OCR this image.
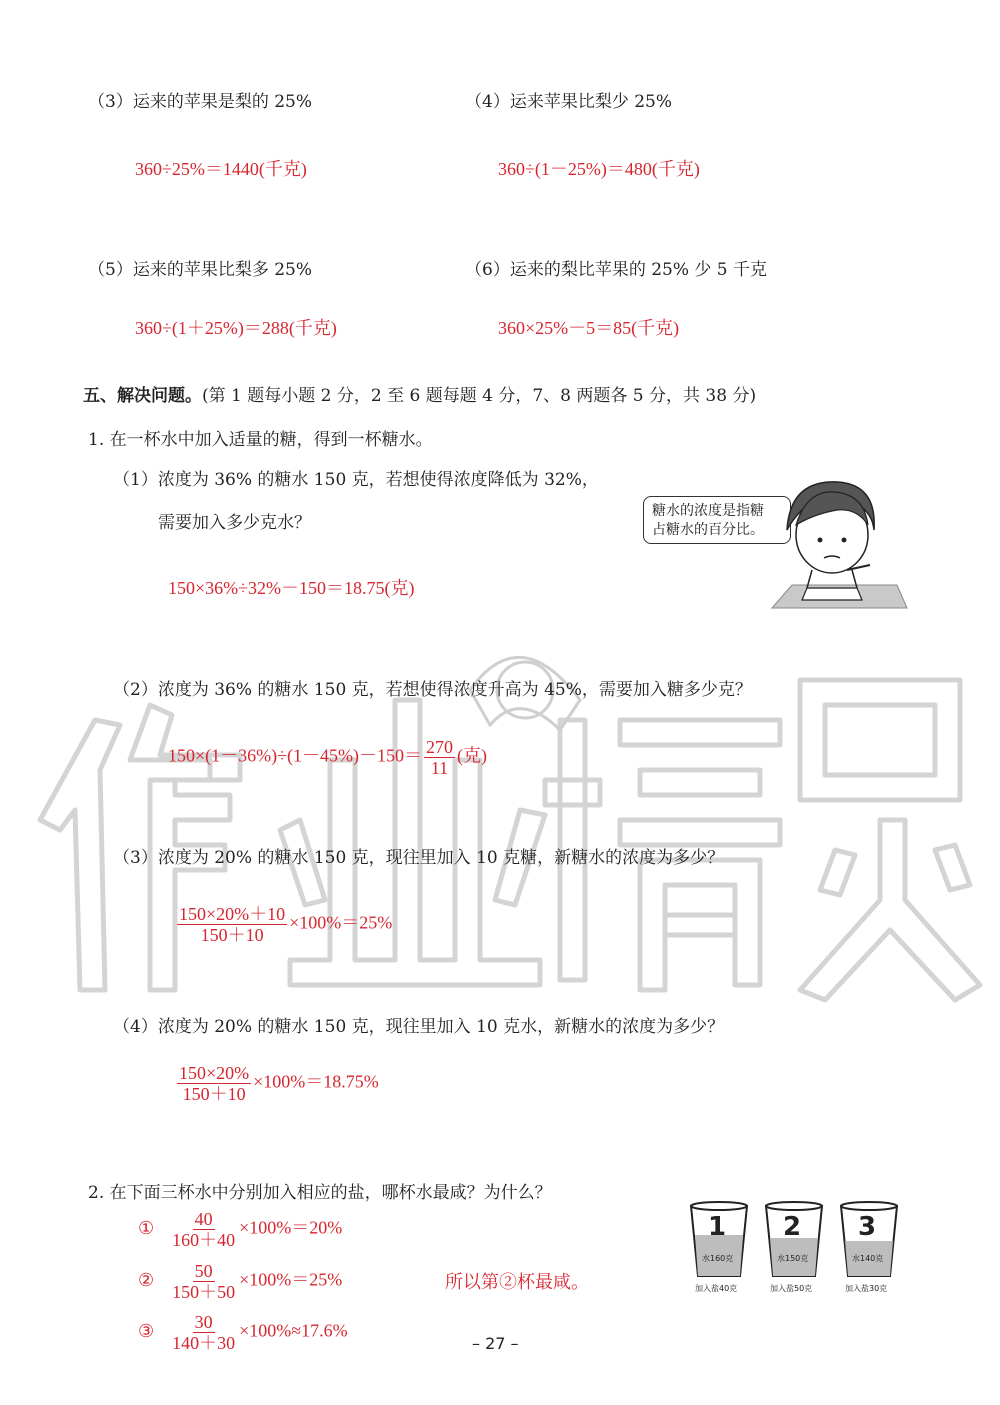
（3）运来的苹果是梨的 25%
360÷25%＝1440(千克)
（4）运来苹果比梨少 25%
360÷(1－25%)＝480(千克)
（5）运来的苹果比梨多 25%
360÷(1＋25%)＝288(千克)
（6）运来的梨比苹果的 25% 少 5 千克
360×25%－5＝85(千克)
五、解决问题。(第 1 题每小题 2 分，2 至 6 题每题 4 分，7、8 两题各 5 分，共 38 分)
1. 在一杯水中加入适量的糖，得到一杯糖水。
（1）浓度为 36% 的糖水 150 克，若想使得浓度降低为 32%，
需要加入多少克水？
150×36%÷32%－150＝18.75(克)
糖水的浓度是指糖
占糖水的百分比。
（2）浓度为 36% 的糖水 150 克，若想使得浓度升高为 45%，需要加入糖多少克？
$150\times(1-36\%)\div(1-45\%)-150= \frac{270}{11}$ (克)
（3）浓度为 20% 的糖水 150 克，现往里加入 10 克糖，新糖水的浓度为多少？
$\frac{150\times 20\%+10}{150+10} \times 100\%=25\%$
（4）浓度为 20% 的糖水 150 克，现往里加入 10 克水，新糖水的浓度为多少？
$\frac{150\times 20\%}{150+10} \times 100\%=18.75\%$
2. 在下面三杯水中分别加入相应的盐，哪杯水最咸？为什么？
① $\frac{40}{160+40} \times 100\%=20\%$
② $\frac{50}{150+50} \times 100\%=25\%$	所以第②杯最咸。
③ $\frac{30}{140+30} \times 100\%\approx 17.6\%$
1
水160克
加入盐40克
2
水150克
加入盐50克
3
水140克
加入盐30克
– 27 –
